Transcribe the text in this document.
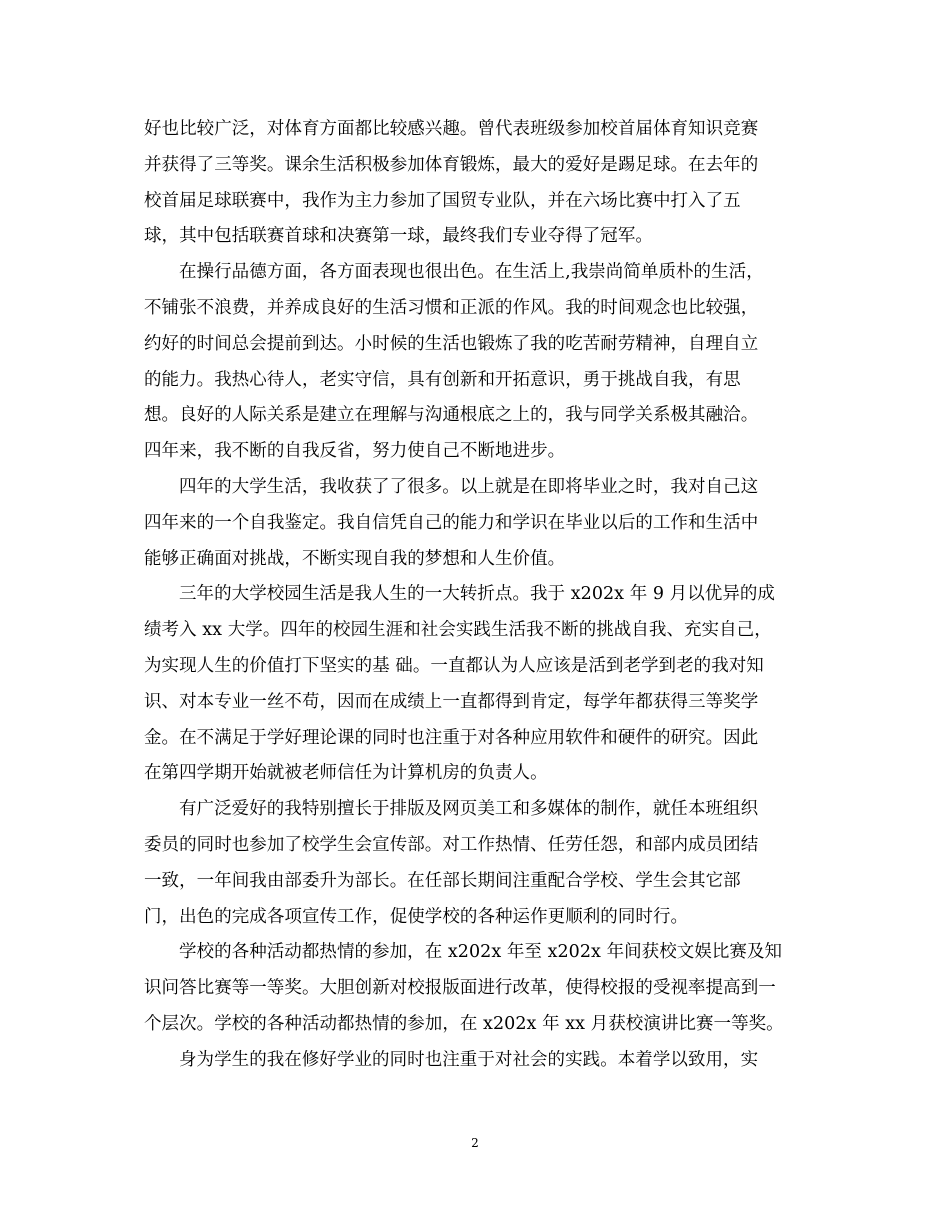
好也比较广泛，对体育方面都比较感兴趣。曾代表班级参加校首届体育知识竞赛
并获得了三等奖。课余生活积极参加体育锻炼，最大的爱好是踢足球。在去年的
校首届足球联赛中，我作为主力参加了国贸专业队，并在六场比赛中打入了五
球，其中包括联赛首球和决赛第一球，最终我们专业夺得了冠军。
在操行品德方面，各方面表现也很出色。在生活上,我崇尚简单质朴的生活，
不铺张不浪费，并养成良好的生活习惯和正派的作风。我的时间观念也比较强，
约好的时间总会提前到达。小时候的生活也锻炼了我的吃苦耐劳精神，自理自立
的能力。我热心待人，老实守信，具有创新和开拓意识，勇于挑战自我，有思
想。良好的人际关系是建立在理解与沟通根底之上的，我与同学关系极其融洽。
四年来，我不断的自我反省，努力使自己不断地进步。
四年的大学生活，我收获了了很多。以上就是在即将毕业之时，我对自己这
四年来的一个自我鉴定。我自信凭自己的能力和学识在毕业以后的工作和生活中
能够正确面对挑战，不断实现自我的梦想和人生价值。
三年的大学校园生活是我人生的一大转折点。我于 x202x 年 9 月以优异的成
绩考入 xx 大学。四年的校园生涯和社会实践生活我不断的挑战自我、充实自己，
为实现人生的价值打下坚实的基 础。一直都认为人应该是活到老学到老的我对知
识、对本专业一丝不苟，因而在成绩上一直都得到肯定，每学年都获得三等奖学
金。在不满足于学好理论课的同时也注重于对各种应用软件和硬件的研究。因此
在第四学期开始就被老师信任为计算机房的负责人。
有广泛爱好的我特别擅长于排版及网页美工和多媒体的制作，就任本班组织
委员的同时也参加了校学生会宣传部。对工作热情、任劳任怨，和部内成员团结
一致，一年间我由部委升为部长。在任部长期间注重配合学校、学生会其它部
门，出色的完成各项宣传工作，促使学校的各种运作更顺利的同时行。
学校的各种活动都热情的参加，在 x202x 年至 x202x 年间获校文娱比赛及知
识问答比赛等一等奖。大胆创新对校报版面进行改革，使得校报的受视率提高到一
个层次。学校的各种活动都热情的参加，在 x202x 年 xx 月获校演讲比赛一等奖。
身为学生的我在修好学业的同时也注重于对社会的实践。本着学以致用，实
2
